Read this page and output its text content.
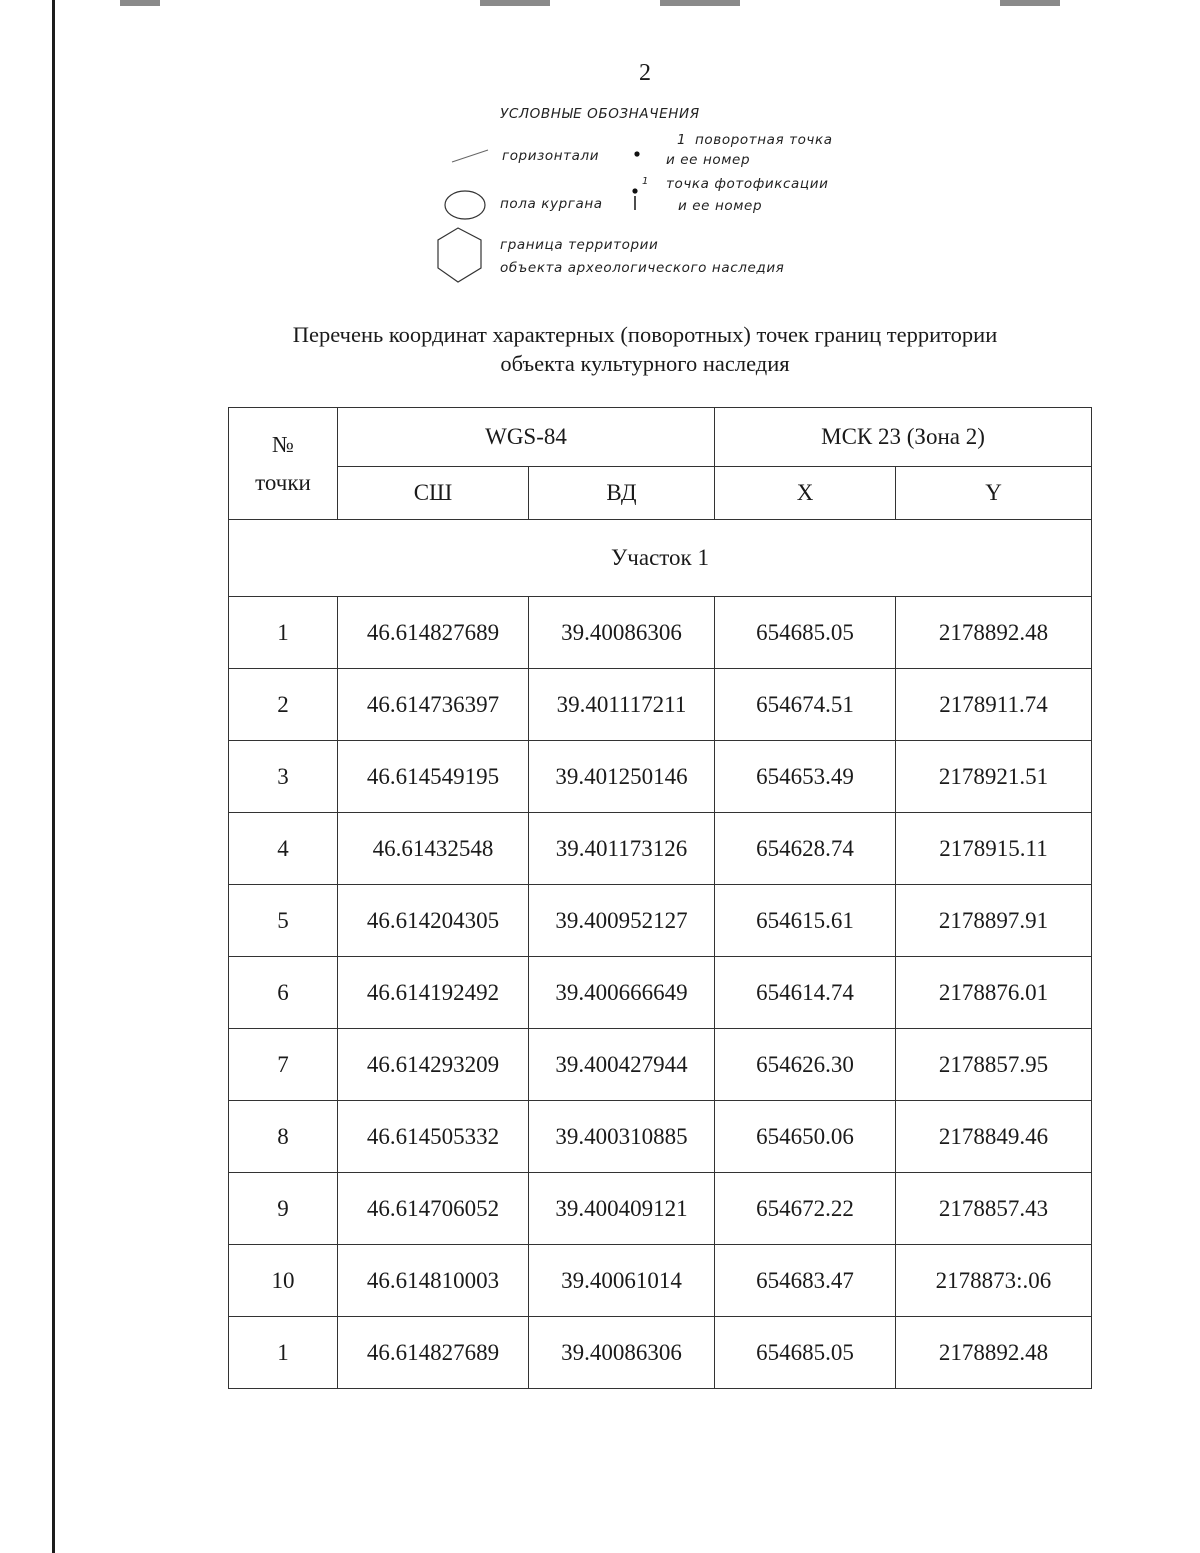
2
УСЛОВНЫЕ ОБОЗНАЧЕНИЯ
1 поворотная точка
горизонтали	и ее номер
1 точка фотофиксации
пола кургана	и ее номер
граница территории
объекта археологического наследия
Перечень координат характерных (поворотных) точек границ территории
объекта культурного наследия
№
точки	WGS-84		МСК 23 (Зона 2)	
	СШ	ВД	X	Y
Участок 1				
1	46.614827689	39.40086306	654685.05	2178892.48
2	46.614736397	39.401117211	654674.51	2178911.74
3	46.614549195	39.401250146	654653.49	2178921.51
4	46.61432548	39.401173126	654628.74	2178915.11
5	46.614204305	39.400952127	654615.61	2178897.91
6	46.614192492	39.400666649	654614.74	2178876.01
7	46.614293209	39.400427944	654626.30	2178857.95
8	46.614505332	39.400310885	654650.06	2178849.46
9	46.614706052	39.400409121	654672.22	2178857.43
10	46.614810003	39.40061014	654683.47	2178873:.06
1	46.614827689	39.40086306	654685.05	2178892.48
